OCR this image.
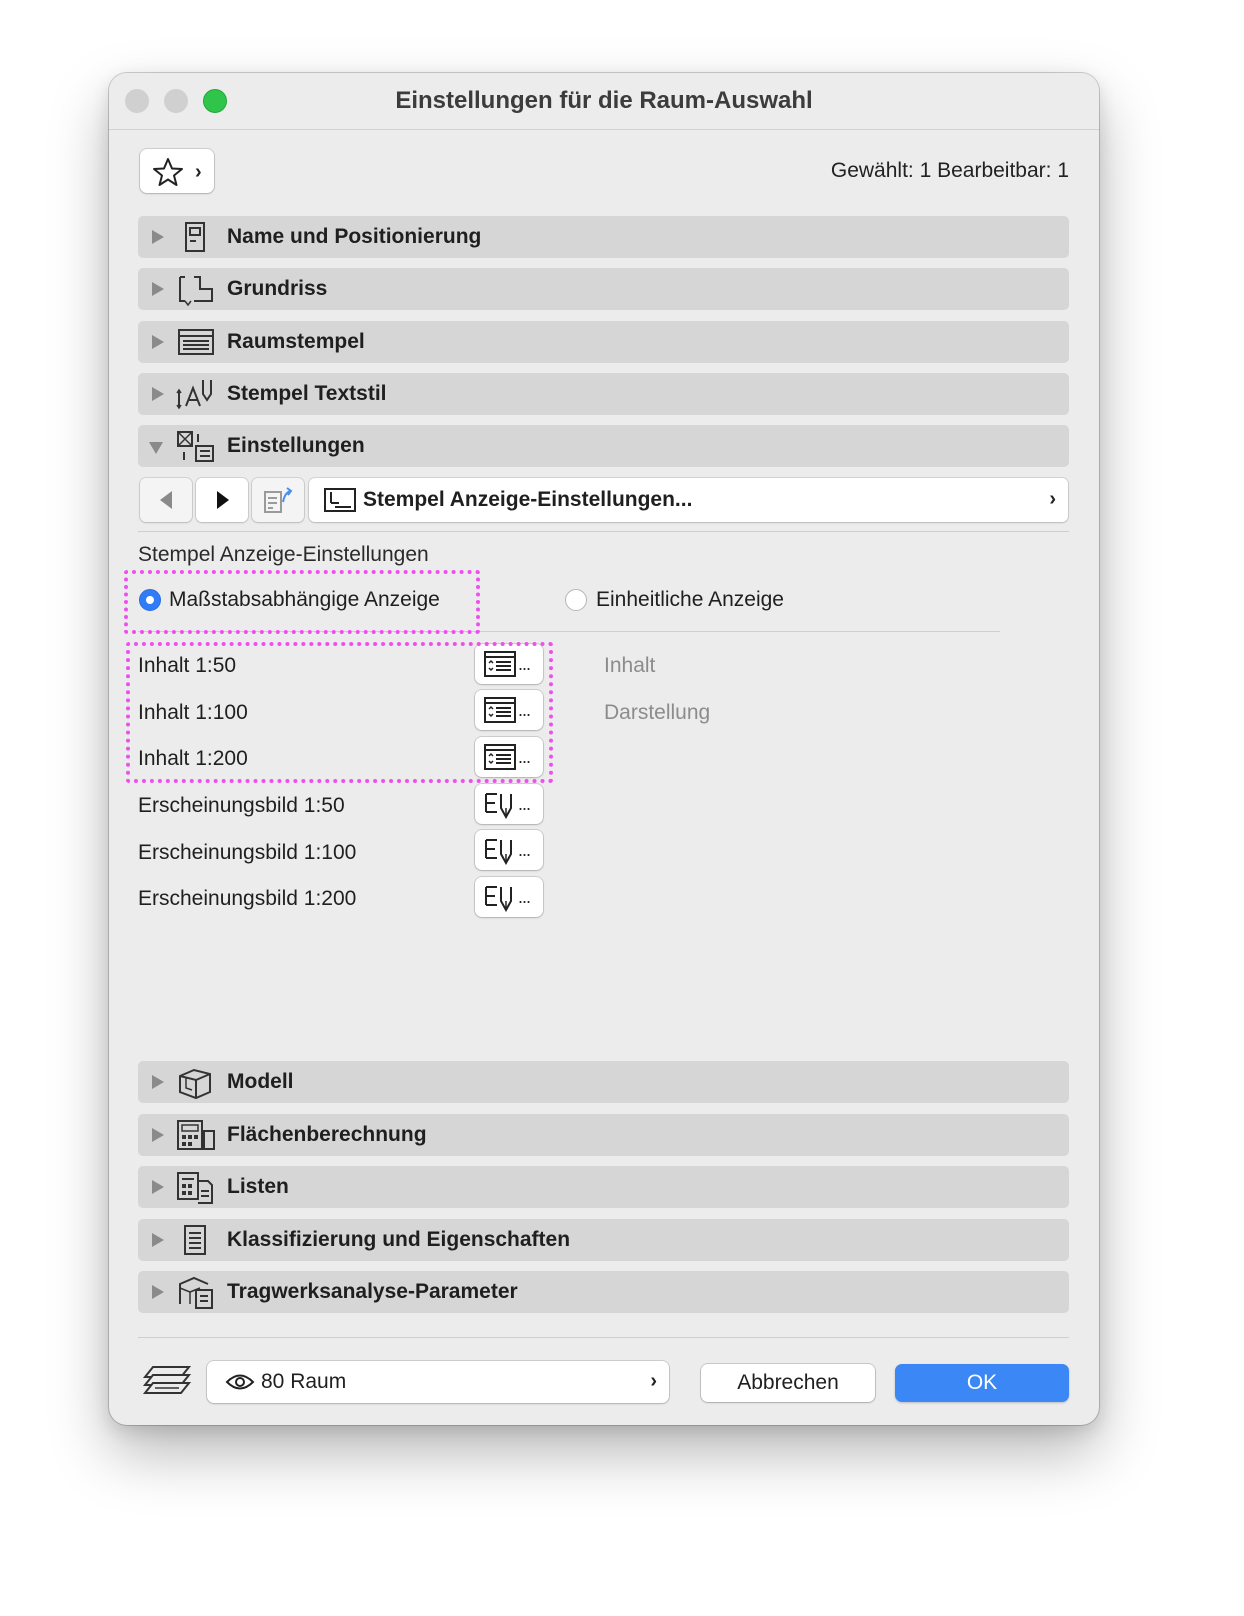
Einstellungen für die Raum-Auswahl
›	Gewählt: 1 Bearbeitbar: 1
Name und Positionierung
Grundriss
Raumstempel
Stempel Textstil
Einstellungen
Stempel Anzeige-Einstellungen...	›
Stempel Anzeige-Einstellungen
Maßstabsabhängige Anzeige	Einheitliche Anzeige
Inhalt 1:50	...
Inhalt 1:100	...
Inhalt 1:200	...
Erscheinungsbild 1:50	...
Erscheinungsbild 1:100	...
Erscheinungsbild 1:200	...
Inhalt
Darstellung
Modell
Flächenberechnung
Listen
Klassifizierung und Eigenschaften
Tragwerksanalyse-Parameter
80 Raum	›	Abbrechen	OK
